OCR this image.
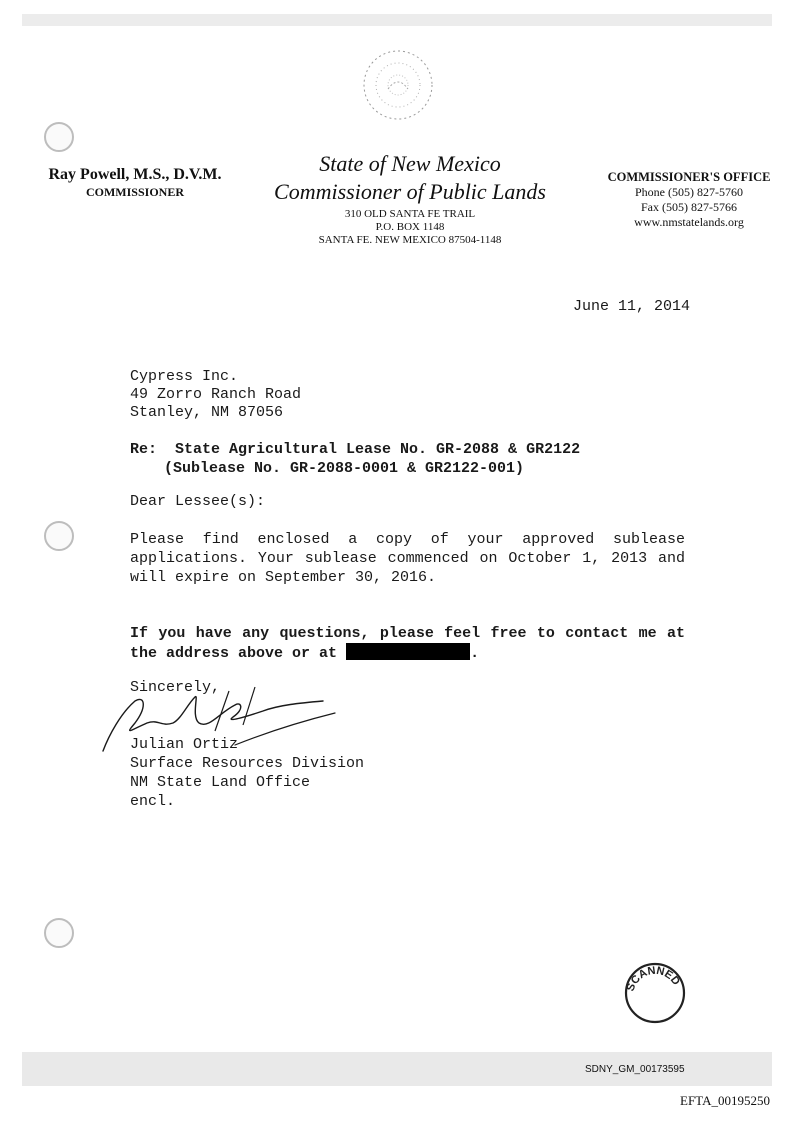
Ray Powell, M.S., D.V.M.
COMMISSIONER
State of New Mexico
Commissioner of Public Lands
310 OLD SANTA FE TRAIL
P.O. BOX 1148
SANTA FE. NEW MEXICO 87504-1148
COMMISSIONER'S OFFICE
Phone (505) 827-5760
Fax (505) 827-5766
www.nmstatelands.org
June 11, 2014
Cypress Inc.
49 Zorro Ranch Road
Stanley, NM 87056
Re:  State Agricultural Lease No. GR-2088 & GR2122
(Sublease No. GR-2088-0001 & GR2122-001)
Dear Lessee(s):
Please find enclosed a copy of your approved sublease applications. Your sublease commenced on October 1, 2013 and will expire on September 30, 2016.
If you have any questions, please feel free to contact me at the address above or at	.
Sincerely,
Julian Ortiz
Surface Resources Division
NM State Land Office
encl.
SCANNED
SDNY_GM_00173595
EFTA_00195250
